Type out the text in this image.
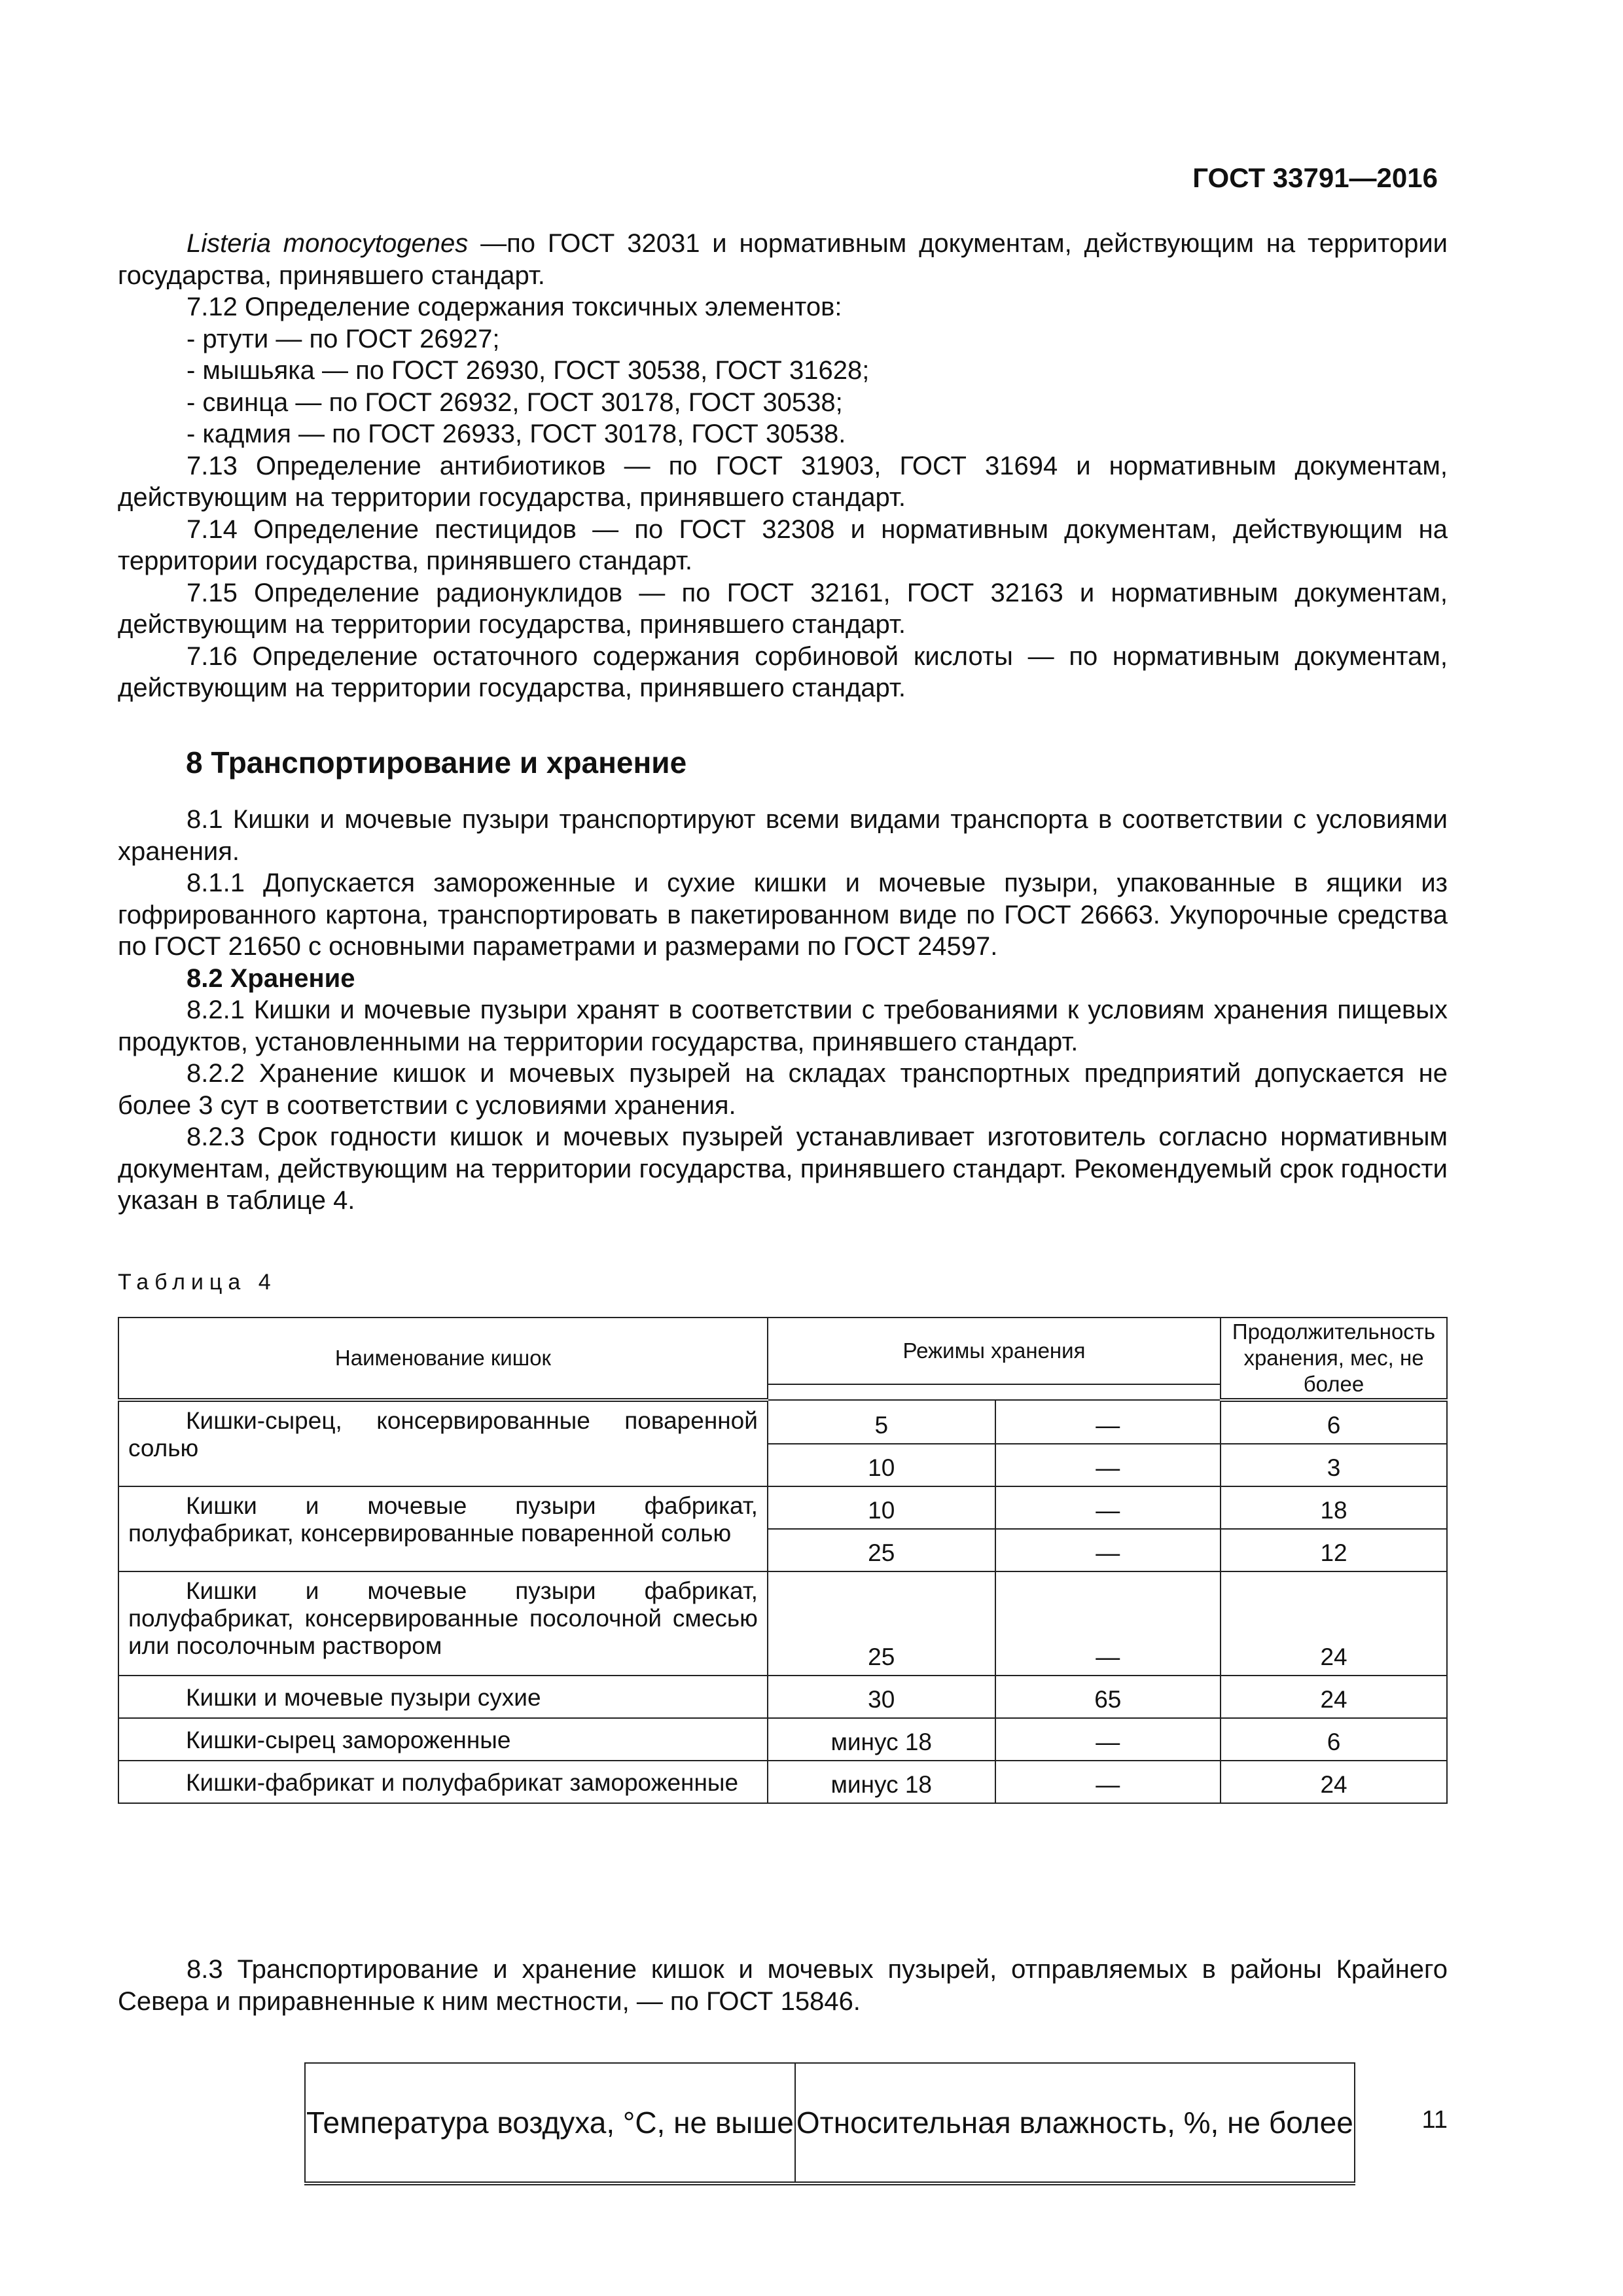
ГОСТ 33791—2016

Listeria monocytogenes —по ГОСТ 32031 и нормативным документам, действующим на территории государства, принявшего стандарт.

7.12 Определение содержания токсичных элементов:

- ртути — по ГОСТ 26927;

- мышьяка — по ГОСТ 26930, ГОСТ 30538, ГОСТ 31628;

- свинца — по ГОСТ 26932, ГОСТ 30178, ГОСТ 30538;

- кадмия — по ГОСТ 26933, ГОСТ 30178, ГОСТ 30538.

7.13 Определение антибиотиков — по ГОСТ 31903, ГОСТ 31694 и нормативным документам, действующим на территории государства, принявшего стандарт.

7.14 Определение пестицидов — по ГОСТ 32308 и нормативным документам, действующим на территории государства, принявшего стандарт.

7.15 Определение радионуклидов — по ГОСТ 32161, ГОСТ 32163 и нормативным документам, действующим на территории государства, принявшего стандарт.

7.16 Определение остаточного содержания сорбиновой кислоты — по нормативным документам, действующим на территории государства, принявшего стандарт.

8 Транспортирование и хранение

8.1 Кишки и мочевые пузыри транспортируют всеми видами транспорта в соответствии с условиями хранения.

8.1.1 Допускается замороженные и сухие кишки и мочевые пузыри, упакованные в ящики из гофрированного картона, транспортировать в пакетированном виде по ГОСТ 26663. Укупорочные средства по ГОСТ 21650 с основными параметрами и размерами по ГОСТ 24597.

8.2 Хранение

8.2.1 Кишки и мочевые пузыри хранят в соответствии с требованиями к условиям хранения пищевых продуктов, установленными на территории государства, принявшего стандарт.

8.2.2 Хранение кишок и мочевых пузырей на складах транспортных предприятий допускается не более 3 сут в соответствии с условиями хранения.

8.2.3 Срок годности кишок и мочевых пузырей устанавливает изготовитель согласно нормативным документам, действующим на территории государства, принявшего стандарт. Рекомендуемый срок годности указан в таблице 4.

Таблица 4
Наименование кишок	Режимы хранения	Продолжительность хранения, мес, не более

Температура воздуха, °С, не выше	Относительная влажность, %, не более
Кишки-сырец, консервированные поваренной солью	5	—	6
10	—	3
Кишки и мочевые пузыри фабрикат, полуфабрикат, консервированные поваренной солью	10	—	18
25	—	12
Кишки и мочевые пузыри фабрикат, полуфабрикат, консервированные посолочной смесью или посолочным раствором	25	—	24
Кишки и мочевые пузыри сухие	30	65	24
Кишки-сырец замороженные	минус 18	—	6
Кишки-фабрикат и полуфабрикат замороженные	минус 18	—	24

8.3 Транспортирование и хранение кишок и мочевых пузырей, отправляемых в районы Крайнего Севера и приравненные к ним местности, — по ГОСТ 15846.

11
